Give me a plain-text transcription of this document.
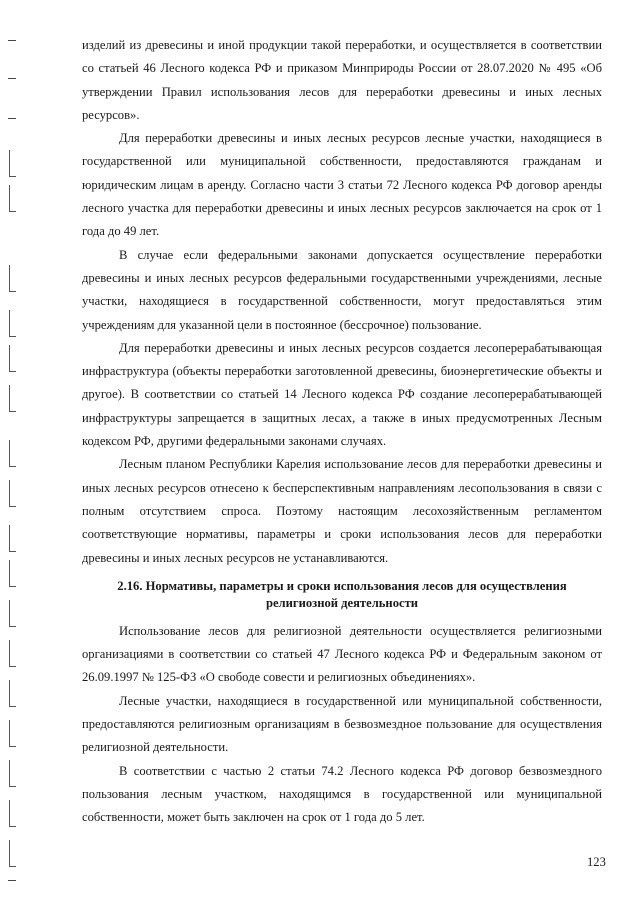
изделий из древесины и иной продукции такой переработки, и осуществляется в соответствии со статьей 46 Лесного кодекса РФ и приказом Минприроды России от 28.07.2020 № 495 «Об утверждении Правил использования лесов для переработки древесины и иных лесных ресурсов».

Для переработки древесины и иных лесных ресурсов лесные участки, находящиеся в государственной или муниципальной собственности, предоставляются гражданам и юридическим лицам в аренду. Согласно части 3 статьи 72 Лесного кодекса РФ договор аренды лесного участка для переработки древесины и иных лесных ресурсов заключается на срок от 1 года до 49 лет.

В случае если федеральными законами допускается осуществление переработки древесины и иных лесных ресурсов федеральными государственными учреждениями, лесные участки, находящиеся в государственной собственности, могут предоставляться этим учреждениям для указанной цели в постоянное (бессрочное) пользование.

Для переработки древесины и иных лесных ресурсов создается лесоперерабатывающая инфраструктура (объекты переработки заготовленной древесины, биоэнергетические объекты и другое). В соответствии со статьей 14 Лесного кодекса РФ создание лесоперерабатывающей инфраструктуры запрещается в защитных лесах, а также в иных предусмотренных Лесным кодексом РФ, другими федеральными законами случаях.

Лесным планом Республики Карелия использование лесов для переработки древесины и иных лесных ресурсов отнесено к бесперспективным направлениям лесопользования в связи с полным отсутствием спроса. Поэтому настоящим лесохозяйственным регламентом соответствующие нормативы, параметры и сроки использования лесов для переработки древесины и иных лесных ресурсов не устанавливаются.

2.16. Нормативы, параметры и сроки использования лесов для осуществления религиозной деятельности

Использование лесов для религиозной деятельности осуществляется религиозными организациями в соответствии со статьей 47 Лесного кодекса РФ и Федеральным законом от 26.09.1997 № 125-ФЗ «О свободе совести и религиозных объединениях».

Лесные участки, находящиеся в государственной или муниципальной собственности, предоставляются религиозным организациям в безвозмездное пользование для осуществления религиозной деятельности.

В соответствии с частью 2 статьи 74.2 Лесного кодекса РФ договор безвозмездного пользования лесным участком, находящимся в государственной или муниципальной собственности, может быть заключен на срок от 1 года до 5 лет.

123
